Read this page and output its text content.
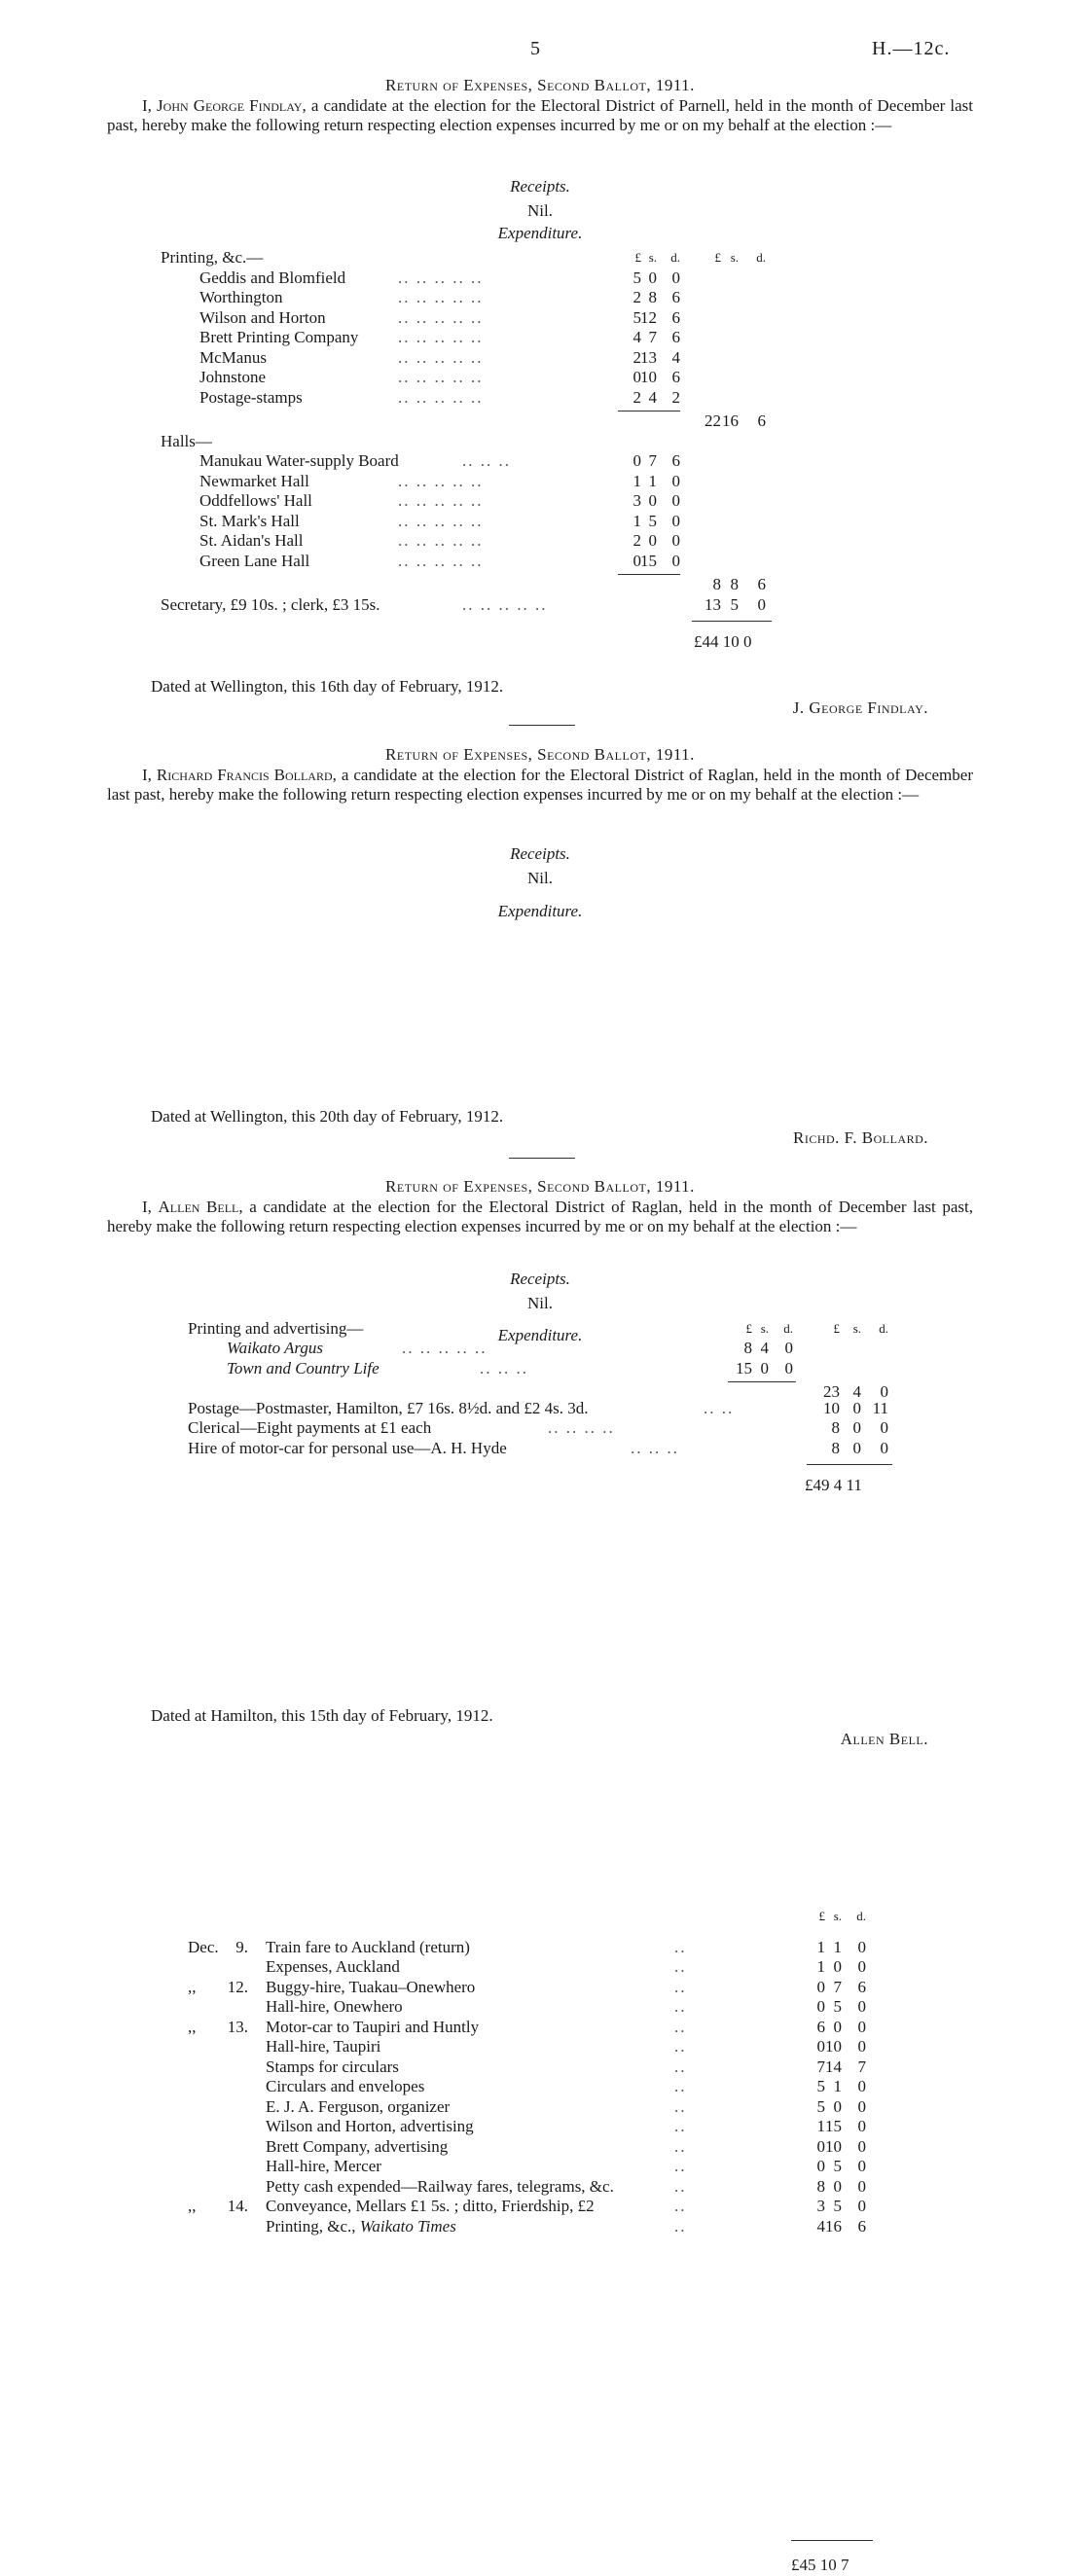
5	H.—12c.
Return of Expenses, Second Ballot, 1911.
I, John George Findlay, a candidate at the election for the Electoral District of Parnell, held in the month of December last past, hereby make the following return respecting election expenses incurred by me or on my behalf at the election :—
Receipts.
Nil.
Expenditure.
Printing, &c.—	£ s.	d.	£ s.	d.
Geddis and Blomfield	.. .. .. .. ..	5 0 0
Worthington	.. .. .. .. ..	2 8 6
Wilson and Horton	.. .. .. .. ..	5 12 6
Brett Printing Company .. .. .. .. ..	4 7 6
McManus	.. .. .. .. ..	2 13 4
Johnstone	.. .. .. .. ..	0 10 6
Postage-stamps	.. .. .. .. ..	2 4 2
22 16	6
Halls—
Manukau Water-supply Board	.. .. ..	0 7 6
Newmarket Hall	.. .. .. .. ..	1 1 0
Oddfellows' Hall	.. .. .. .. ..	3 0 0
St. Mark's Hall	.. .. .. .. ..	1 5 0
St. Aidan's Hall	.. .. .. .. ..	2 0 0
Green Lane Hall	.. .. .. .. ..	0 15 0
8 8	6
Secretary, £9 10s. ; clerk, £3 15s.	.. .. .. .. ..	13 5	0
£44 10 0
Dated at Wellington, this 16th day of February, 1912.
J. George Findlay.
Return of Expenses, Second Ballot, 1911.
I, Richard Francis Bollard, a candidate at the election for the Electoral District of Raglan, held in the month of December last past, hereby make the following return respecting election expenses incurred by me or on my behalf at the election :—
Receipts.
Nil.
Expenditure.
Printing and advertising—	£ s.	d.	£	s.	d.
Waikato Argus	.. .. .. .. ..	8 4 0
Town and Country Life	.. .. ..	15 0 0
23 4	0
Postage—Postmaster, Hamilton, £7 16s. 8½d. and £2 4s. 3d.	.. ..	10 0 11
Clerical—Eight payments at £1 each	.. .. .. ..	8 0	0
Hire of motor-car for personal use—A. H. Hyde	.. .. ..	8 0	0
£49 4 11
Dated at Wellington, this 20th day of February, 1912.
Richd. F. Bollard.
Return of Expenses, Second Ballot, 1911.
I, Allen Bell, a candidate at the election for the Electoral District of Raglan, held in the month of December last past, hereby make the following return respecting election expenses incurred by me or on my behalf at the election :—
Receipts.
Nil.
Expenditure.
£ s.	d.
Dec.	9. Train fare to Auckland (return)	..	1 1 0
Expenses, Auckland	..	1 0 0
,, 12. Buggy-hire, Tuakau–Onewhero	..	0 7 6
Hall-hire, Onewhero	..	0 5 0
,, 13. Motor-car to Taupiri and Huntly	..	6 0 0
Hall-hire, Taupiri	..	0 10 0
Stamps for circulars	..	7 14 7
Circulars and envelopes	..	5 1 0
E. J. A. Ferguson, organizer	..	5 0 0
Wilson and Horton, advertising	..	1 15 0
Brett Company, advertising	..	0 10 0
Hall-hire, Mercer	..	0 5 0
Petty cash expended—Railway fares, telegrams, &c.	..	8 0 0
,, 14. Conveyance, Mellars £1 5s. ; ditto, Frierdship, £2	..	3 5 0
Printing, &c., Waikato Times	..	4 16 6
£45 10 7
Dated at Hamilton, this 15th day of February, 1912.
Allen Bell.
